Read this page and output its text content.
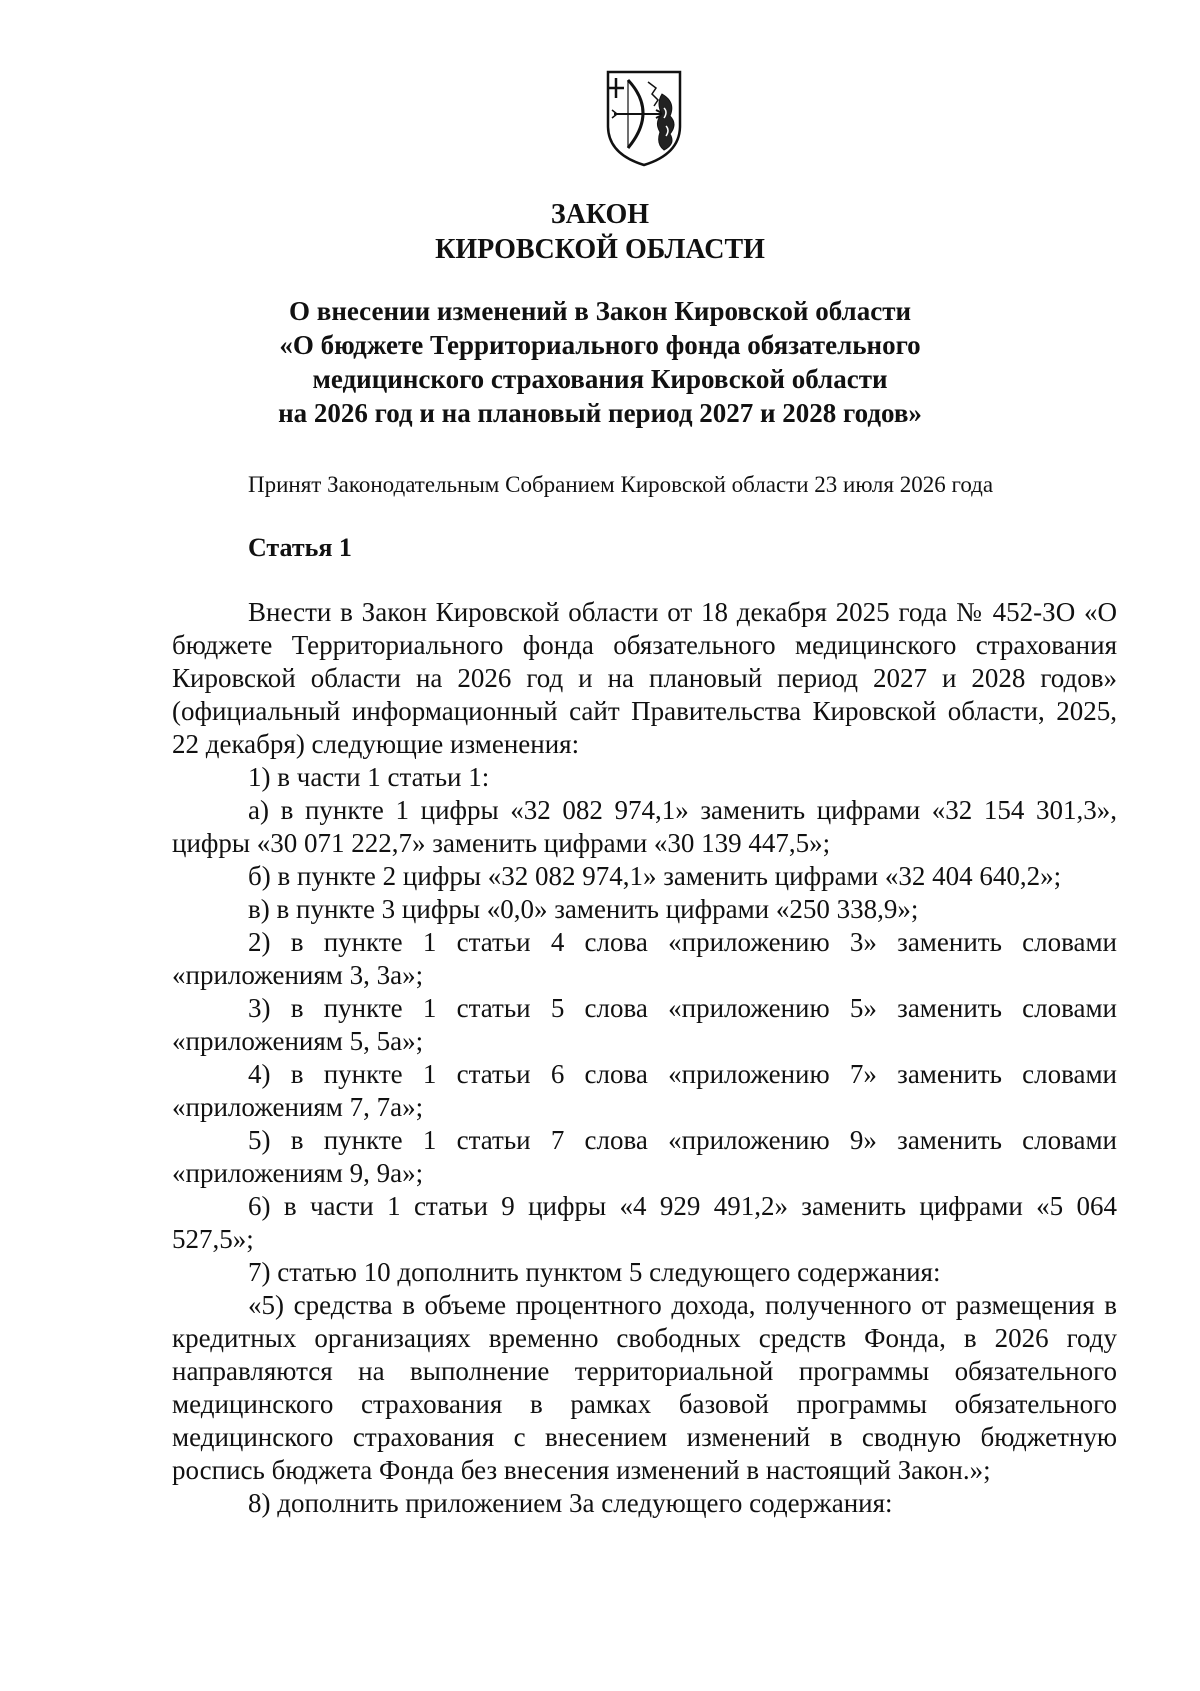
ЗАКОН
КИРОВСКОЙ ОБЛАСТИ
О внесении изменений в Закон Кировской области
«О бюджете Территориального фонда обязательного
медицинского страхования Кировской области
на 2026 год и на плановый период 2027 и 2028 годов»
Принят Законодательным Собранием Кировской области 23 июля 2026 года
Статья 1

Внести в Закон Кировской области от 18 декабря 2025 года № 452-ЗО «О бюджете Территориального фонда обязательного медицинского страхования Кировской области на 2026 год и на плановый период 2027 и 2028 годов» (официальный информационный сайт Правительства Кировской области, 2025, 22 декабря) следующие изменения:

1) в части 1 статьи 1:

а) в пункте 1 цифры «32 082 974,1» заменить цифрами «32 154 301,3», цифры «30 071 222,7» заменить цифрами «30 139 447,5»;

б) в пункте 2 цифры «32 082 974,1» заменить цифрами «32 404 640,2»;

в) в пункте 3 цифры «0,0» заменить цифрами «250 338,9»;

2) в пункте 1 статьи 4 слова «приложению 3» заменить словами «приложениям 3, 3а»;

3) в пункте 1 статьи 5 слова «приложению 5» заменить словами «приложениям 5, 5а»;

4) в пункте 1 статьи 6 слова «приложению 7» заменить словами «приложениям 7, 7а»;

5) в пункте 1 статьи 7 слова «приложению 9» заменить словами «приложениям 9, 9а»;

6) в части 1 статьи 9 цифры «4 929 491,2» заменить цифрами «5 064 527,5»;

7) статью 10 дополнить пунктом 5 следующего содержания:

«5) средства в объеме процентного дохода, полученного от размещения в кредитных организациях временно свободных средств Фонда, в 2026 году направляются на выполнение территориальной программы обязательного медицинского страхования в рамках базовой программы обязательного медицинского страхования с внесением изменений в сводную бюджетную роспись бюджета Фонда без внесения изменений в настоящий Закон.»;

8) дополнить приложением 3а следующего содержания:
